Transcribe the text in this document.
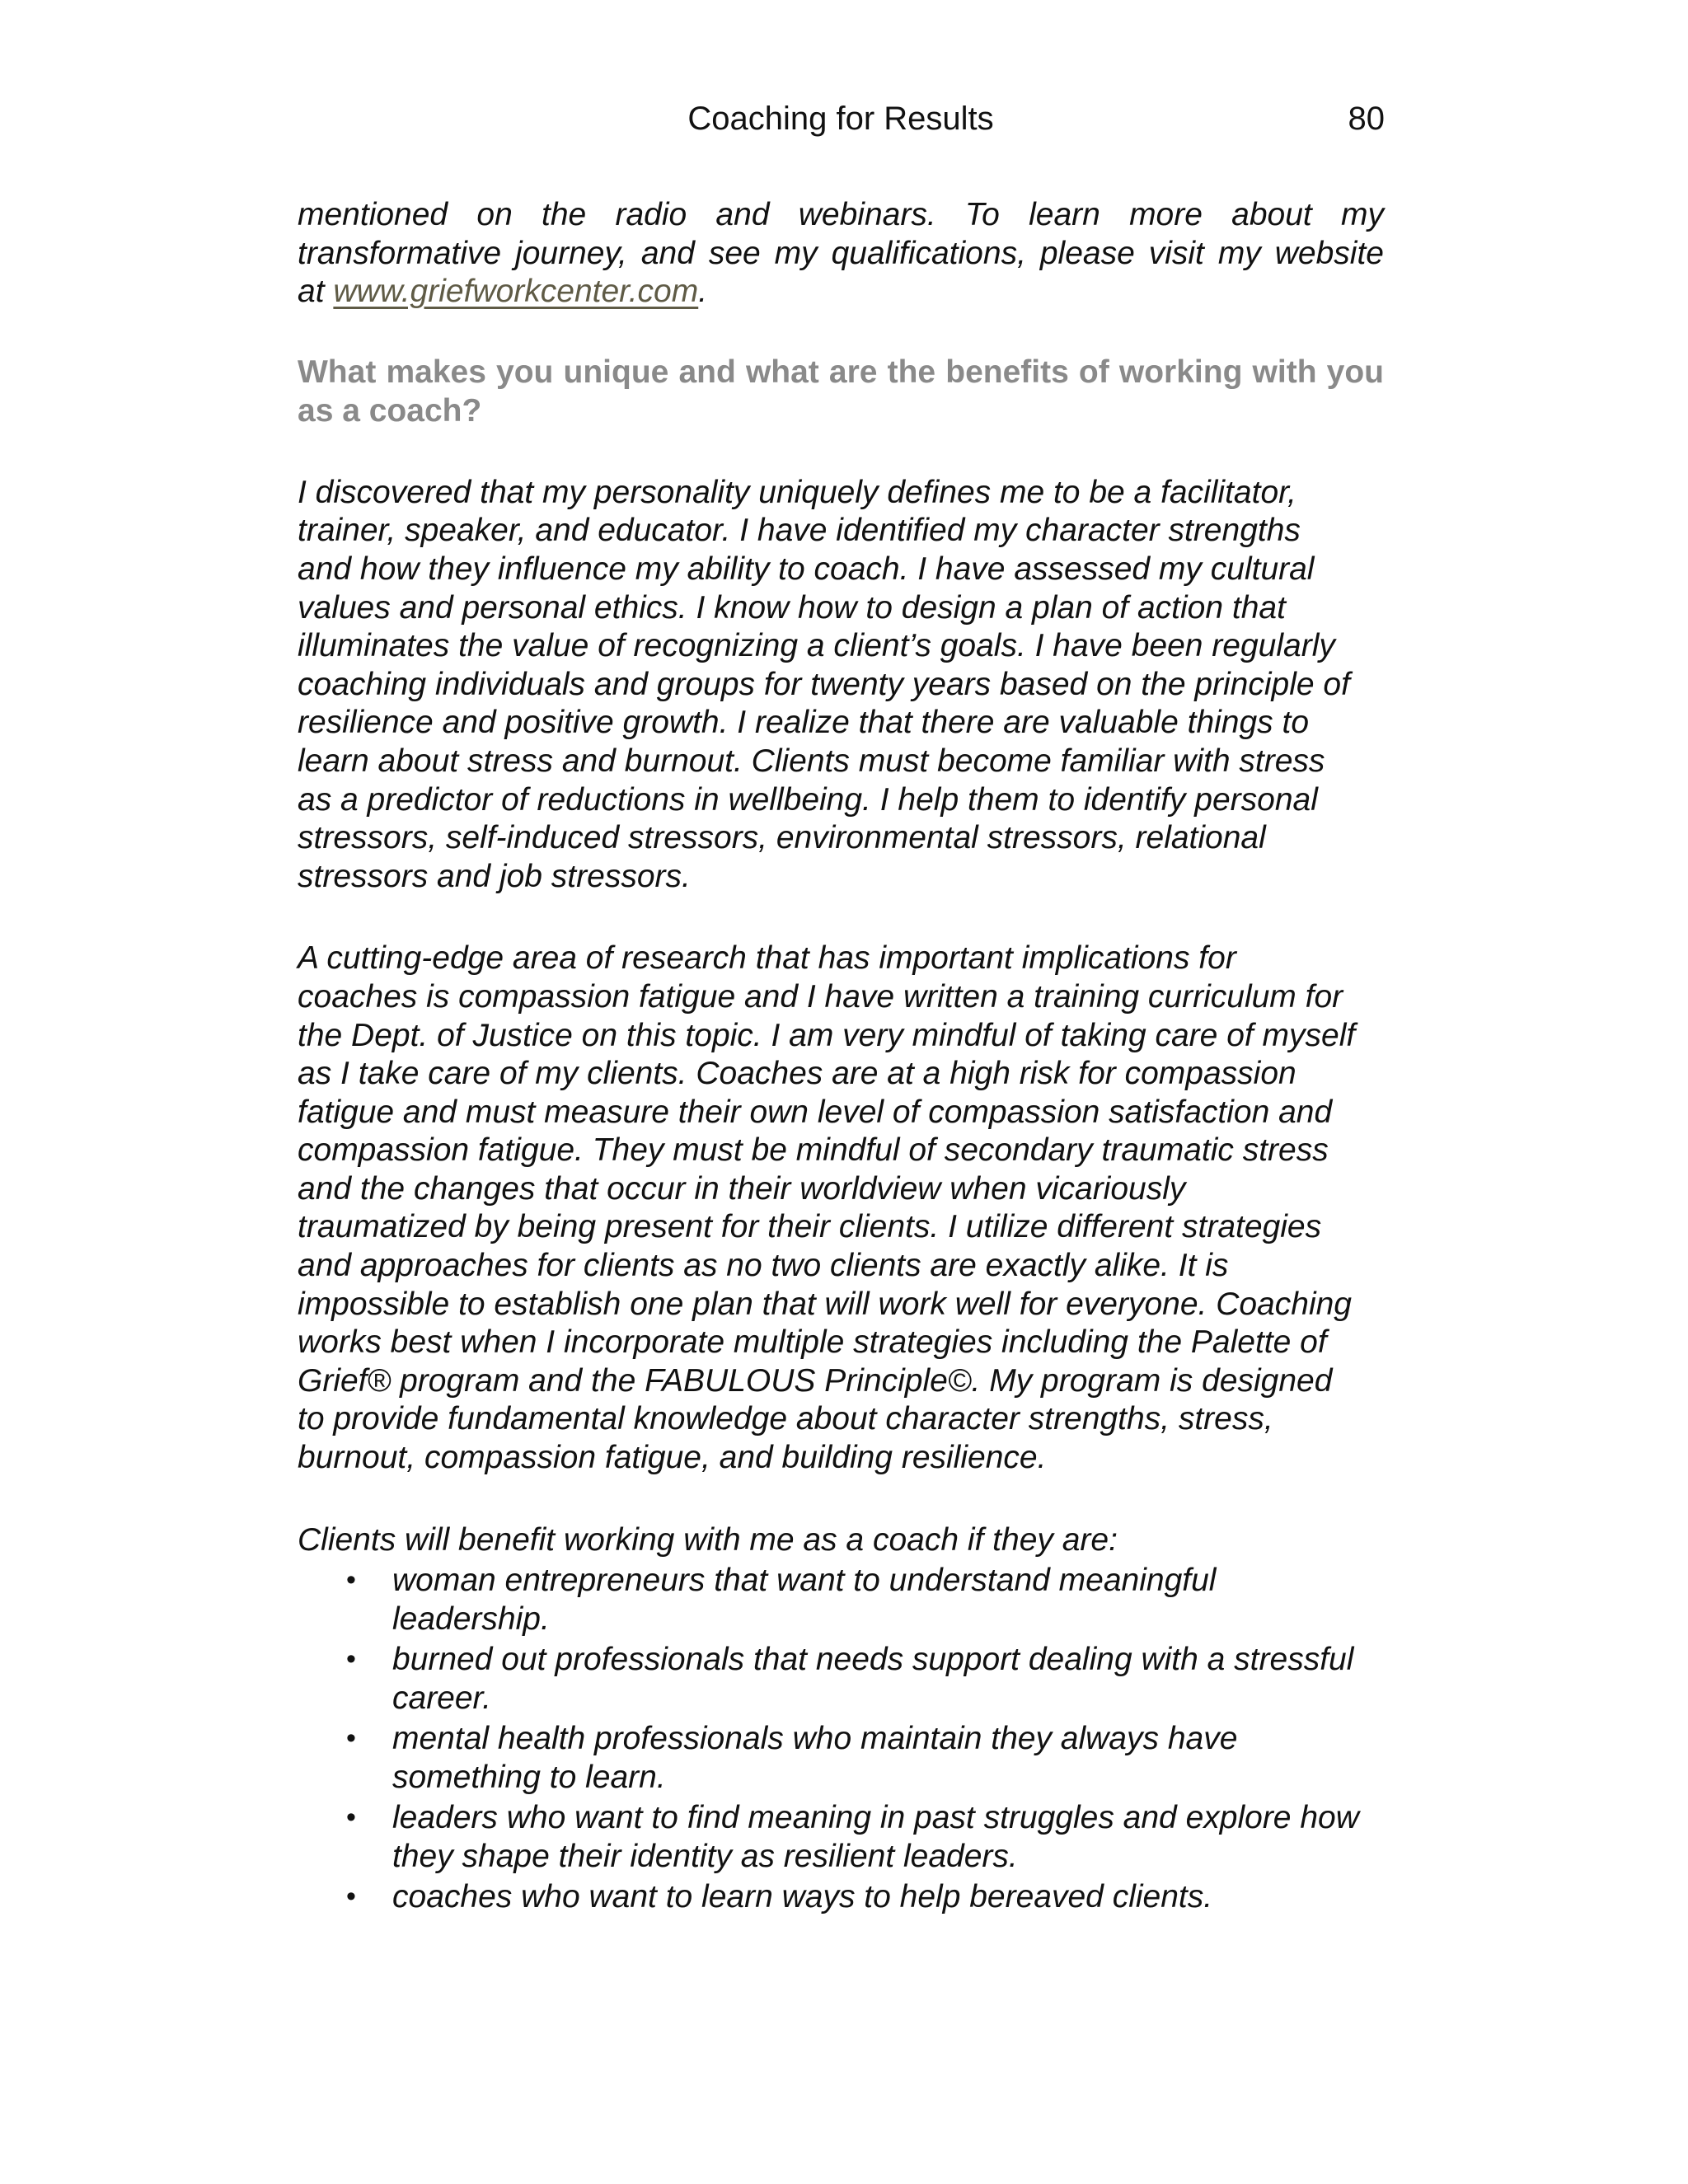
Coaching for Results	80

mentioned on the radio and webinars. To learn more about my transformative journey, and see my qualifications, please visit my website
at www.griefworkcenter.com.

What makes you unique and what are the benefits of working with you as a coach?

I discovered that my personality uniquely defines me to be a facilitator,
trainer, speaker, and educator. I have identified my character strengths
and how they influence my ability to coach. I have assessed my cultural
values and personal ethics. I know how to design a plan of action that
illuminates the value of recognizing a client’s goals. I have been regularly
coaching individuals and groups for twenty years based on the principle of
resilience and positive growth. I realize that there are valuable things to
learn about stress and burnout. Clients must become familiar with stress
as a predictor of reductions in wellbeing. I help them to identify personal
stressors, self-induced stressors, environmental stressors, relational
stressors and job stressors.
A cutting-edge area of research that has important implications for
coaches is compassion fatigue and I have written a training curriculum for
the Dept. of Justice on this topic. I am very mindful of taking care of myself
as I take care of my clients. Coaches are at a high risk for compassion
fatigue and must measure their own level of compassion satisfaction and
compassion fatigue. They must be mindful of secondary traumatic stress
and the changes that occur in their worldview when vicariously
traumatized by being present for their clients. I utilize different strategies
and approaches for clients as no two clients are exactly alike. It is
impossible to establish one plan that will work well for everyone. Coaching
works best when I incorporate multiple strategies including the Palette of
Grief® program and the FABULOUS Principle©. My program is designed
to provide fundamental knowledge about character strengths, stress,
burnout, compassion fatigue, and building resilience.
Clients will benefit working with me as a coach if they are:
• woman entrepreneurs that want to understand meaningful
leadership.
• burned out professionals that needs support dealing with a stressful
career.
• mental health professionals who maintain they always have
something to learn.
• leaders who want to find meaning in past struggles and explore how
they shape their identity as resilient leaders.
• coaches who want to learn ways to help bereaved clients.
